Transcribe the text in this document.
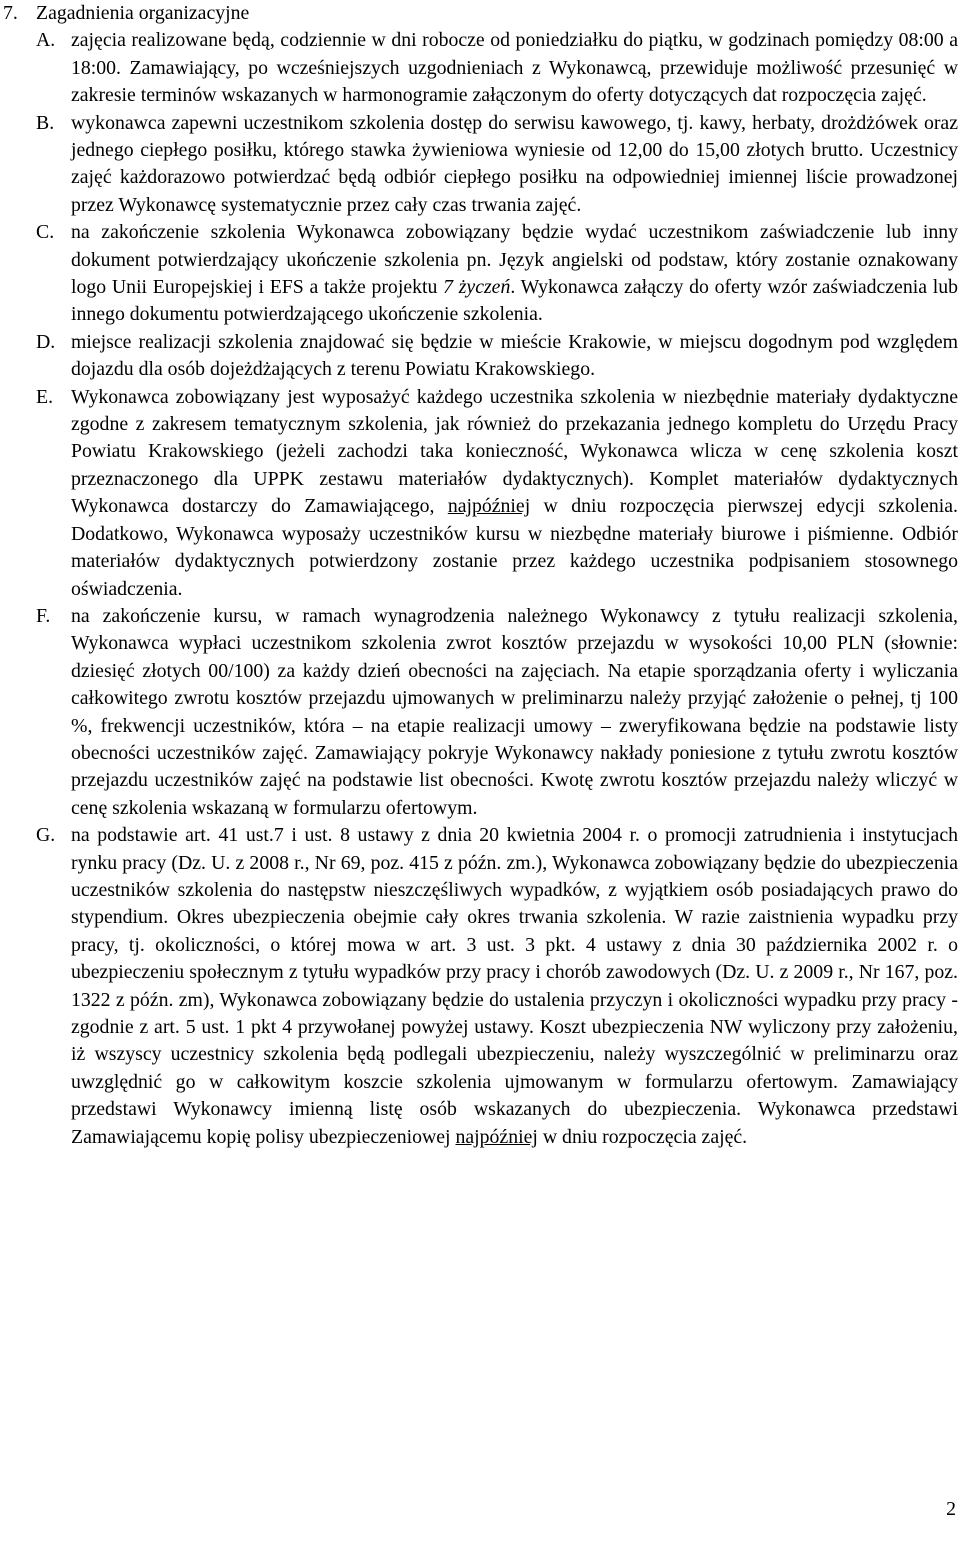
7. Zagadnienia organizacyjne
A. zajęcia realizowane będą, codziennie w dni robocze od poniedziałku do piątku, w godzinach pomiędzy 08:00 a 18:00. Zamawiający, po wcześniejszych uzgodnieniach z Wykonawcą, przewiduje możliwość przesunięć w zakresie terminów wskazanych w harmonogramie załączonym do oferty dotyczących dat rozpoczęcia zajęć.
B. wykonawca zapewni uczestnikom szkolenia dostęp do serwisu kawowego, tj. kawy, herbaty, drożdżówek oraz jednego ciepłego posiłku, którego stawka żywieniowa wyniesie od 12,00 do 15,00 złotych brutto. Uczestnicy zajęć każdorazowo potwierdzać będą odbiór ciepłego posiłku na odpowiedniej imiennej liście prowadzonej przez Wykonawcę systematycznie przez cały czas trwania zajęć.
C. na zakończenie szkolenia Wykonawca zobowiązany będzie wydać uczestnikom zaświadczenie lub inny dokument potwierdzający ukończenie szkolenia pn. Język angielski od podstaw, który zostanie oznakowany logo Unii Europejskiej i EFS a także projektu 7 życzeń. Wykonawca załączy do oferty wzór zaświadczenia lub innego dokumentu potwierdzającego ukończenie szkolenia.
D. miejsce realizacji szkolenia znajdować się będzie w mieście Krakowie, w miejscu dogodnym pod względem dojazdu dla osób dojeżdżających z terenu Powiatu Krakowskiego.
E. Wykonawca zobowiązany jest wyposażyć każdego uczestnika szkolenia w niezbędnie materiały dydaktyczne zgodne z zakresem tematycznym szkolenia, jak również do przekazania jednego kompletu do Urzędu Pracy Powiatu Krakowskiego (jeżeli zachodzi taka konieczność, Wykonawca wlicza w cenę szkolenia koszt przeznaczonego dla UPPK zestawu materiałów dydaktycznych). Komplet materiałów dydaktycznych Wykonawca dostarczy do Zamawiającego, najpóźniej w dniu rozpoczęcia pierwszej edycji szkolenia. Dodatkowo, Wykonawca wyposaży uczestników kursu w niezbędne materiały biurowe i piśmienne. Odbiór materiałów dydaktycznych potwierdzony zostanie przez każdego uczestnika podpisaniem stosownego oświadczenia.
F.	na zakończenie kursu, w ramach wynagrodzenia należnego Wykonawcy z tytułu realizacji szkolenia, Wykonawca wypłaci uczestnikom szkolenia zwrot kosztów przejazdu w wysokości 10,00 PLN (słownie: dziesięć złotych 00/100) za każdy dzień obecności na zajęciach. Na etapie sporządzania oferty i wyliczania całkowitego zwrotu kosztów przejazdu ujmowanych w preliminarzu należy przyjąć założenie o pełnej, tj 100 %, frekwencji uczestników, która – na etapie realizacji umowy – zweryfikowana będzie na podstawie listy obecności uczestników zajęć. Zamawiający pokryje Wykonawcy nakłady poniesione z tytułu zwrotu kosztów przejazdu uczestników zajęć na podstawie list obecności. Kwotę zwrotu kosztów przejazdu należy wliczyć w cenę szkolenia wskazaną w formularzu ofertowym.
G. na podstawie art. 41 ust.7 i ust. 8 ustawy z dnia 20 kwietnia 2004 r. o promocji zatrudnienia i instytucjach rynku pracy (Dz. U. z 2008 r., Nr 69, poz. 415 z późn. zm.), Wykonawca zobowiązany będzie do ubezpieczenia uczestników szkolenia do następstw nieszczęśliwych wypadków, z wyjątkiem osób posiadających prawo do stypendium. Okres ubezpieczenia obejmie cały okres trwania szkolenia. W razie zaistnienia wypadku przy pracy, tj. okoliczności, o której mowa w art. 3 ust. 3 pkt. 4 ustawy z dnia 30 października 2002 r. o ubezpieczeniu społecznym z tytułu wypadków przy pracy i chorób zawodowych (Dz. U. z 2009 r., Nr 167, poz. 1322 z późn. zm), Wykonawca zobowiązany będzie do ustalenia przyczyn i okoliczności wypadku przy pracy - zgodnie z art. 5 ust. 1 pkt 4 przywołanej powyżej ustawy. Koszt ubezpieczenia NW wyliczony przy założeniu, iż wszyscy uczestnicy szkolenia będą podlegali ubezpieczeniu, należy wyszczególnić w preliminarzu oraz uwzględnić go w całkowitym koszcie szkolenia ujmowanym w formularzu ofertowym. Zamawiający przedstawi Wykonawcy imienną listę osób wskazanych do ubezpieczenia. Wykonawca przedstawi Zamawiającemu kopię polisy ubezpieczeniowej najpóźniej w dniu rozpoczęcia zajęć.
2
